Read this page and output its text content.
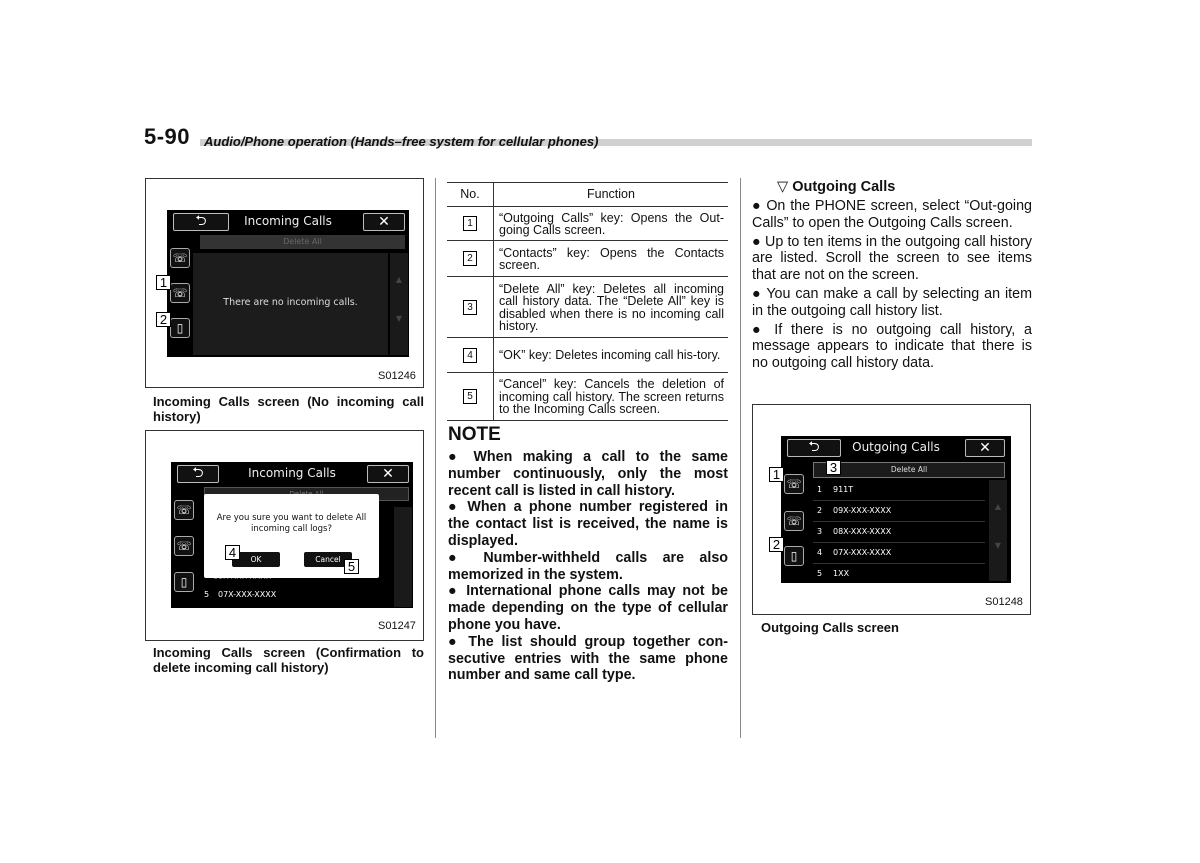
5-90 Audio/Phone operation (Hands–free system for cellular phones)
⮌	Incoming Calls	✕
Delete All
☏
☏
▯
There are no incoming calls.
▲
▼
1
2
S01246
Incoming Calls screen (No incoming call history)
⮌	Incoming Calls	✕
☏
☏
▯
5 07X-XXX-XXXX
Are you sure you want to delete All incoming call logs?
OK	Cancel
4
5
S01247
Incoming Calls screen (Confirmation to delete incoming call history)
No.	Function
1	“Outgoing Calls” key: Opens the Out-going Calls screen.
2	“Contacts” key: Opens the Contacts screen.
3	“Delete All” key: Deletes all incoming call history data. The “Delete All” key is disabled when there is no incoming call history.
4	“OK” key: Deletes incoming call his-tory.
5	“Cancel” key: Cancels the deletion of incoming call history. The screen returns to the Incoming Calls screen.
NOTE
● When making a call to the same number continuously, only the most recent call is listed in call history.
● When a phone number registered in the contact list is received, the name is displayed.
● Number-withheld calls are also memorized in the system.
● International phone calls may not be made depending on the type of cellular phone you have.
● The list should group together con-secutive entries with the same phone number and same call type.
▽ Outgoing Calls
● On the PHONE screen, select “Out-going Calls” to open the Outgoing Calls screen.
● Up to ten items in the outgoing call history are listed. Scroll the screen to see items that are not on the screen.
● You can make a call by selecting an item in the outgoing call history list.
● If there is no outgoing call history, a message appears to indicate that there is no outgoing call history data.
⮌	Outgoing Calls	✕
Delete All
☏
☏
▯
1 911T
2 09X-XXX-XXXX
3 08X-XXX-XXXX
4 07X-XXX-XXXX
5 1XX
▲
▼
1	3
2
S01248
Outgoing Calls screen
